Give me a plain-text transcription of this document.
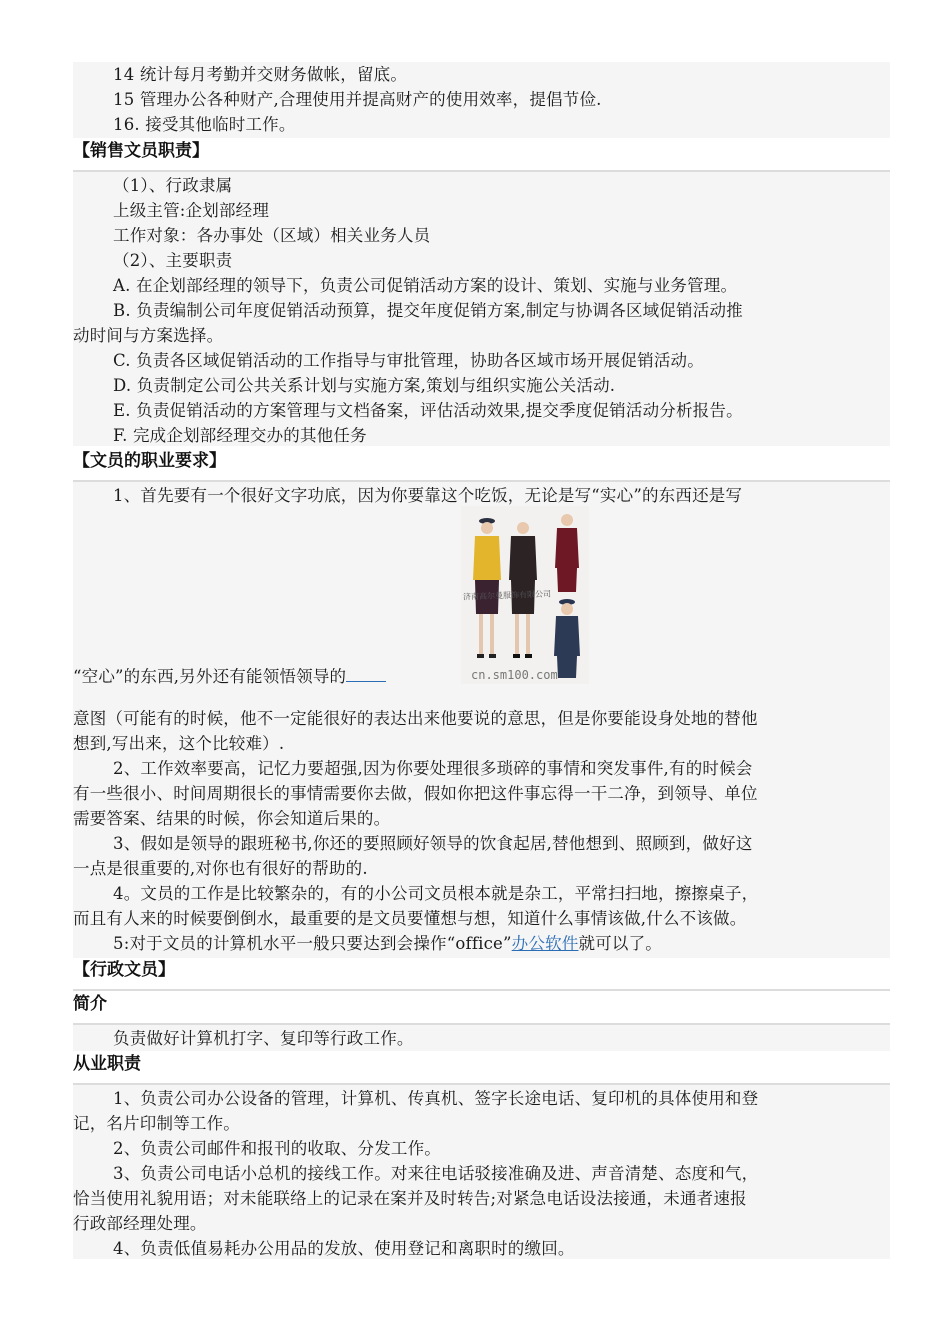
14 统计每月考勤并交财务做帐，留底。
15 管理办公各种财产,合理使用并提高财产的使用效率，提倡节俭.
16. 接受其他临时工作。
【销售文员职责】
（1）、行政隶属
上级主管:企划部经理
工作对象：各办事处（区域）相关业务人员
（2）、主要职责
A. 在企划部经理的领导下，负责公司促销活动方案的设计、策划、实施与业务管理。
B. 负责编制公司年度促销活动预算，提交年度促销方案,制定与协调各区域促销活动推
动时间与方案选择。
C. 负责各区域促销活动的工作指导与审批管理，协助各区域市场开展促销活动。
D. 负责制定公司公共关系计划与实施方案,策划与组织实施公关活动.
E. 负责促销活动的方案管理与文档备案，评估活动效果,提交季度促销活动分析报告。
F. 完成企划部经理交办的其他任务
【文员的职业要求】
1、首先要有一个很好文字功底，因为你要靠这个吃饭，无论是写“实心”的东西还是写
济南高尔曼服饰有限公司
cn.sm100.com
“空心”的东西,另外还有能领悟领导的
意图（可能有的时候，他不一定能很好的表达出来他要说的意思，但是你要能设身处地的替他
想到,写出来，这个比较难）.
2、工作效率要高，记忆力要超强,因为你要处理很多琐碎的事情和突发事件,有的时候会
有一些很小、时间周期很长的事情需要你去做，假如你把这件事忘得一干二净，到领导、单位
需要答案、结果的时候，你会知道后果的。
3、假如是领导的跟班秘书,你还的要照顾好领导的饮食起居,替他想到、照顾到，做好这
一点是很重要的,对你也有很好的帮助的.
4。文员的工作是比较繁杂的，有的小公司文员根本就是杂工，平常扫扫地，擦擦桌子，
而且有人来的时候要倒倒水，最重要的是文员要懂想与想，知道什么事情该做,什么不该做。
5:对于文员的计算机水平一般只要达到会操作“office”办公软件就可以了。
【行政文员】
简介
负责做好计算机打字、复印等行政工作。
从业职责
1、负责公司办公设备的管理，计算机、传真机、签字长途电话、复印机的具体使用和登
记，名片印制等工作。
2、负责公司邮件和报刊的收取、分发工作。
3、负责公司电话小总机的接线工作。对来往电话驳接准确及进、声音清楚、态度和气，
恰当使用礼貌用语；对未能联络上的记录在案并及时转告;对紧急电话设法接通，未通者速报
行政部经理处理。
4、负责低值易耗办公用品的发放、使用登记和离职时的缴回。
